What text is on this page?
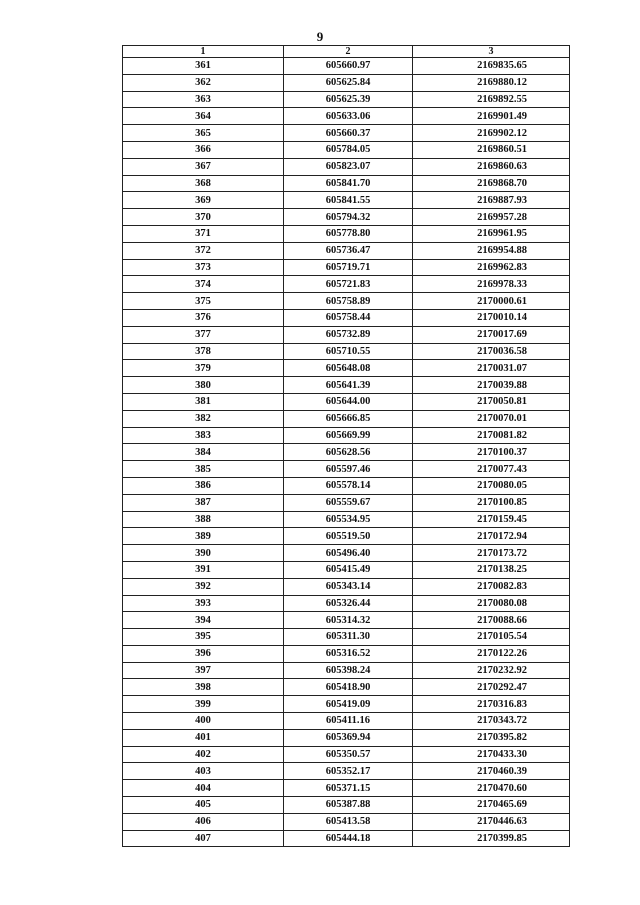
9
1	2	3
361	605660.97	2169835.65
362	605625.84	2169880.12
363	605625.39	2169892.55
364	605633.06	2169901.49
365	605660.37	2169902.12
366	605784.05	2169860.51
367	605823.07	2169860.63
368	605841.70	2169868.70
369	605841.55	2169887.93
370	605794.32	2169957.28
371	605778.80	2169961.95
372	605736.47	2169954.88
373	605719.71	2169962.83
374	605721.83	2169978.33
375	605758.89	2170000.61
376	605758.44	2170010.14
377	605732.89	2170017.69
378	605710.55	2170036.58
379	605648.08	2170031.07
380	605641.39	2170039.88
381	605644.00	2170050.81
382	605666.85	2170070.01
383	605669.99	2170081.82
384	605628.56	2170100.37
385	605597.46	2170077.43
386	605578.14	2170080.05
387	605559.67	2170100.85
388	605534.95	2170159.45
389	605519.50	2170172.94
390	605496.40	2170173.72
391	605415.49	2170138.25
392	605343.14	2170082.83
393	605326.44	2170080.08
394	605314.32	2170088.66
395	605311.30	2170105.54
396	605316.52	2170122.26
397	605398.24	2170232.92
398	605418.90	2170292.47
399	605419.09	2170316.83
400	605411.16	2170343.72
401	605369.94	2170395.82
402	605350.57	2170433.30
403	605352.17	2170460.39
404	605371.15	2170470.60
405	605387.88	2170465.69
406	605413.58	2170446.63
407	605444.18	2170399.85
